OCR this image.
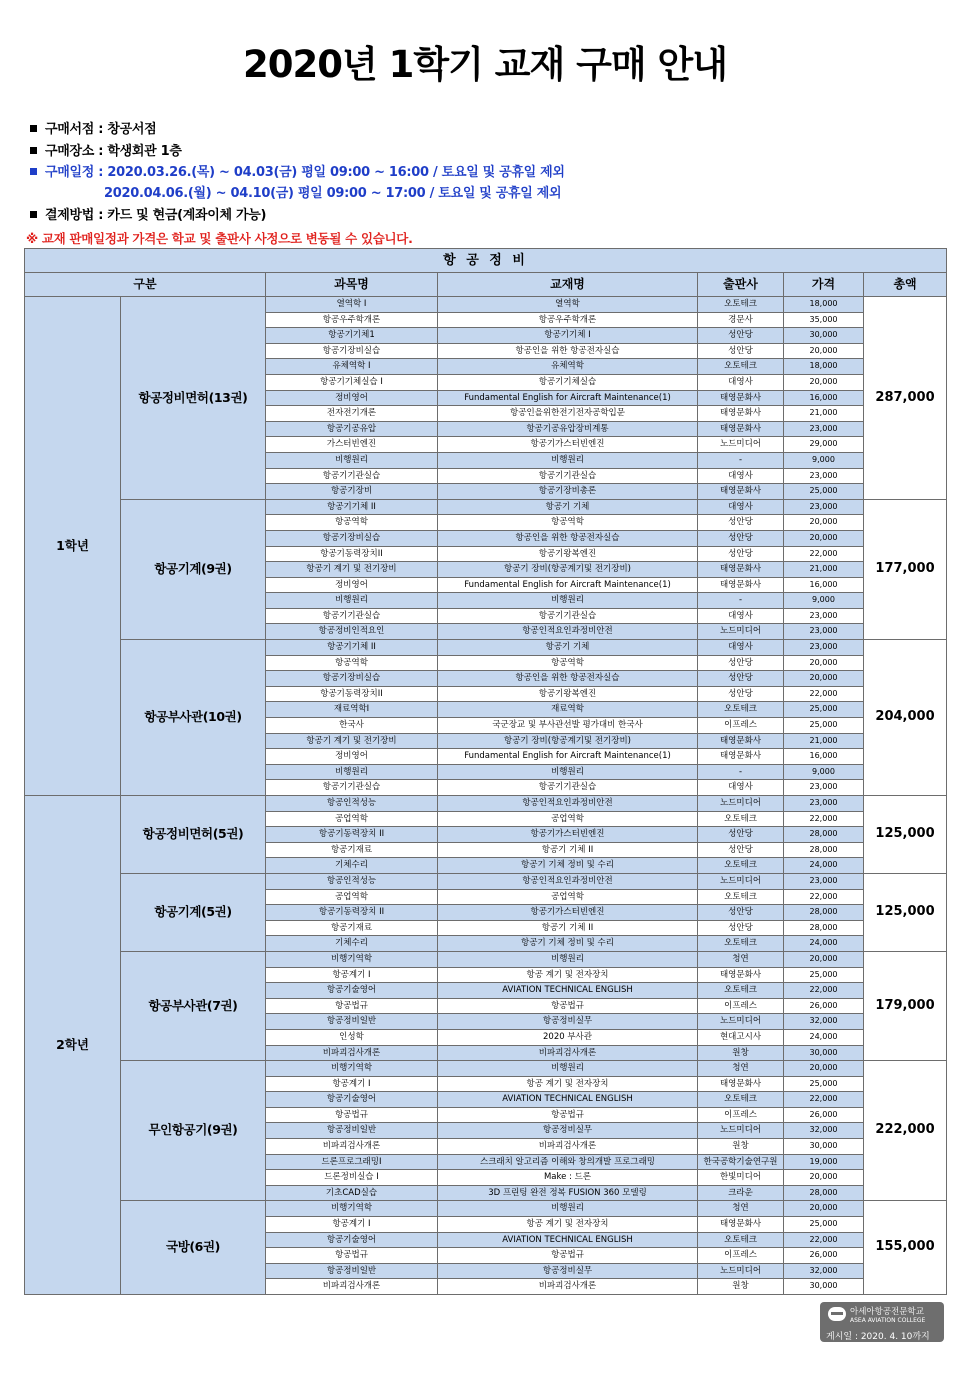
2020년 1학기 교재 구매 안내
구매서점 : 창공서점
구매장소 : 학생회관 1층
구매일정 : 2020.03.26.(목) ~ 04.03(금) 평일 09:00 ~ 16:00 / 토요일 및 공휴일 제외
2020.04.06.(월) ~ 04.10(금) 평일 09:00 ~ 17:00 / 토요일 및 공휴일 제외
결제방법 : 카드 및 현금(계좌이체 가능)
※ 교재 판매일정과 가격은 학교 및 출판사 사정으로 변동될 수 있습니다.
항 공 정 비						
구분		과목명	교재명	출판사	가격	총액
1학년	항공정비면허(13권)	열역학 I	열역학	오토테크	18,000	287,000
		항공우주학개론	항공우주학개론	경문사	35,000	
		항공기기체1	항공기기체 I	성안당	30,000	
		항공기장비실습	항공인을 위한 항공전자실습	성안당	20,000	
		유체역학 I	유체역학	오토테크	18,000	
		항공기기체실습 I	항공기기체실습	대영사	20,000	
		정비영어	Fundamental English for Aircraft Maintenance(1)	태영문화사	16,000	
		전자전기개론	항공인을위한전기전자공학입문	태영문화사	21,000	
		항공기공유압	항공기공유압장비계통	태영문화사	23,000	
		가스터빈엔진	항공기가스터빈엔진	노드미디어	29,000	
		비행원리	비행원리	-	9,000	
		항공기기관실습	항공기기관실습	대영사	23,000	
		항공기장비	항공기장비총론	태영문화사	25,000	
	항공기계(9권)	항공기기체 II	항공기 기체	대영사	23,000	177,000
		항공역학	항공역학	성안당	20,000	
		항공기장비실습	항공인을 위한 항공전자실습	성안당	20,000	
		항공기동력장치II	항공기왕복엔진	성안당	22,000	
		항공기 계기 및 전기장비	항공기 장비(항공계기및 전기장비)	태영문화사	21,000	
		정비영어	Fundamental English for Aircraft Maintenance(1)	태영문화사	16,000	
		비행원리	비행원리	-	9,000	
		항공기기관실습	항공기기관실습	대영사	23,000	
		항공정비인적요인	항공인적요인과정비안전	노드미디어	23,000	
	항공부사관(10권)	항공기기체 II	항공기 기체	대영사	23,000	204,000
		항공역학	항공역학	성안당	20,000	
		항공기장비실습	항공인을 위한 항공전자실습	성안당	20,000	
		항공기동력장치II	항공기왕복엔진	성안당	22,000	
		재료역학I	재료역학	오토테크	25,000	
		한국사	국군장교 및 부사관선발 평가대비 한국사	이프레스	25,000	
		항공기 계기 및 전기장비	항공기 장비(항공계기및 전기장비)	태영문화사	21,000	
		정비영어	Fundamental English for Aircraft Maintenance(1)	태영문화사	16,000	
		비행원리	비행원리	-	9,000	
		항공기기관실습	항공기기관실습	대영사	23,000	
2학년	항공정비면허(5권)	항공인적성능	항공인적요인과정비안전	노드미디어	23,000	125,000
		공업역학	공업역학	오토테크	22,000	
		항공기동력장치 II	항공기가스터빈엔진	성안당	28,000	
		항공기재료	항공기 기체 II	성안당	28,000	
		기체수리	항공기 기체 정비 및 수리	오토테크	24,000	
	항공기계(5권)	항공인적성능	항공인적요인과정비안전	노드미디어	23,000	125,000
		공업역학	공업역학	오토테크	22,000	
		항공기동력장치 II	항공기가스터빈엔진	성안당	28,000	
		항공기재료	항공기 기체 II	성안당	28,000	
		기체수리	항공기 기체 정비 및 수리	오토테크	24,000	
	항공부사관(7권)	비행기역학	비행원리	청연	20,000	179,000
		항공계기 I	항공 계기 및 전자장치	태영문화사	25,000	
		항공기술영어	AVIATION TECHNICAL ENGLISH	오토테크	22,000	
		항공법규	항공법규	이프레스	26,000	
		항공정비일반	항공정비실무	노드미디어	32,000	
		인성학	2020 부사관	현대고시사	24,000	
		비파괴검사개론	비파괴검사개론	원창	30,000	
	무인항공기(9권)	비행기역학	비행원리	청연	20,000	222,000
		항공계기 I	항공 계기 및 전자장치	태영문화사	25,000	
		항공기술영어	AVIATION TECHNICAL ENGLISH	오토테크	22,000	
		항공법규	항공법규	이프레스	26,000	
		항공정비일반	항공정비실무	노드미디어	32,000	
		비파괴검사개론	비파괴검사개론	원창	30,000	
		드론프로그래밍I	스크래치 알고리즘 이해와 창의개발 프로그래밍	한국공학기술연구원	19,000	
		드론정비실습 I	Make : 드론	한빛미디어	20,000	
		기초CAD실습	3D 프린팅 완전 정복 FUSION 360 모델링	크라운	28,000	
	국방(6권)	비행기역학	비행원리	청연	20,000	155,000
		항공계기 I	항공 계기 및 전자장치	태영문화사	25,000	
		항공기술영어	AVIATION TECHNICAL ENGLISH	오토테크	22,000	
		항공법규	항공법규	이프레스	26,000	
		항공정비일반	항공정비실무	노드미디어	32,000	
		비파괴검사개론	비파괴검사개론	원창	30,000	
아세아항공전문학교
ASEA AVIATION COLLEGE
게시일 : 2020. 4. 10까지
